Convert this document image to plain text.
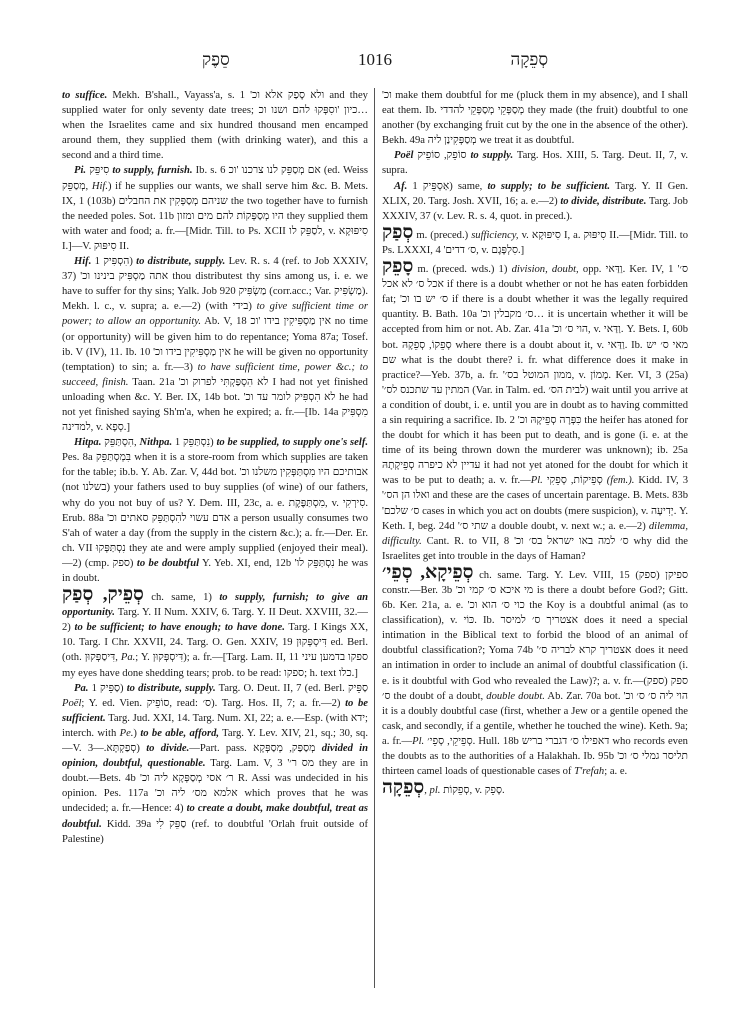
סֵפֶק	1016	סְפֵקָה

to suffice. Mekh. B'shall., Vayass'a, s. 1 'ולא סָפַק אלא וכ and they supplied water for only seventy date trees; כיון 'וסִפְּקוּ להם ושנו וכ… when the Israelites came and six hundred thousand men encamped around them, they supplied them (with drinking water), and this a second and a third time.

Pi. סִיפֵּק to supply, furnish. Ib. s. 6 אם מְסַפֵּק לנו צרכנו 'וכ (ed. Weiss מְסַפֵּק, Hif.) if he supplies our wants, we shall serve him &c. B. Mets. IX, 1 (103b) שניהם מְסַפְּקִין את החבלים the two together have to furnish the needed poles. Sot. 11b היו מְסַפְּקוֹת להם מים ומזון they supplied them with water and food; a. fr.—[Midr. Till. to Ps. XCII לסַפֵּק לו, v. סִיפּוּקָא I.]—V. סִיפּוּק II.

Hif. הִסְפִּיק 1) to distribute, supply. Lev. R. s. 4 (ref. to Job XXXIV, 37) 'אתה מַסְפִּיק בינינו וכ thou distributest thy sins among us, i. e. we have to suffer for thy sins; Yalk. Job 920 מַשְׂפִּיק (corr.acc.; Var. מַשְׂפִּיק). Mekh. l. c., v. supra; a. e.—2) (with בידי) to give sufficient time or power; to allow an opportunity. Ab. V, 18 אין מַסְפִּיקִין בידו 'וכ no time (or opportunity) will be given him to do repentance; Yoma 87a; Tosef. ib. V (IV), 11. Ib. 10 'אין מַסְפִּיקִין בידו וכ he will be given no opportunity (temptation) to sin; a. fr.—3) to have sufficient time, power &c.; to succeed, finish. Taan. 21a 'לא הִסְפַּקְתִּי לפרוק וכ I had not yet finished unloading when &c. Y. Ber. IX, 14b bot. 'לא הִסְפִּיק לומר עד וכ he had not yet finished saying Sh'm'a, when he expired; a. fr.—[Ib. 14a מִסְפִּיק למדינה, v. סְפָא.]

Hitpa. הִסְתַּפֵּק, Nithpa. נִסְתַּפֵּק 1) to be supplied, to supply one's self. Pes. 8a בִּמְסְתַּפֵּק when it is a store-room from which supplies are taken for the table; ib.b. Y. Ab. Zar. V, 44d bot. 'אבותיכם היו מִסְתַּפְּקִין משלנו וכ (not בשלנו) your fathers used to buy supplies (of wine) of our fathers, why do you not buy of us? Y. Dem. III, 23c, a. e. מִסְתַּפֶּקֶת, v. סִירְקִי. Erub. 88a 'אדם עשוי להִסְתַּפֵּק סאתים וכ a person usually consumes two S'ah of water a day (from the supply in the cistern &c.); a. fr.—Der. Er. ch. VII נִסְתַּפְּקוּ they ate and were amply supplied (enjoyed their meal).—2) (cmp. ספק) to be doubtful Y. Yeb. XI, end, 12b 'נִסְתַּפֵּק לו he was in doubt.

סְפֵיק, סְפַק ch. same, 1) to supply, furnish; to give an opportunity. Targ. Y. II Num. XXIV, 6. Targ. Y. II Deut. XXVIII, 32.—2) to be sufficient; to have enough; to have done. Targ. I Kings XX, 10. Targ. I Chr. XXVII, 24. Targ. O. Gen. XXIV, 19 דִּיסְפְּקוּן ed. Berl. (oth. דִּיסַפְּקוּן, Pa.; Y. דִּיסְפְּקוּן); a. fr.—[Targ. Lam. II, 11 ספקו בדמען עיני my eyes have done shedding tears; prob. to be read: ספקו; h. text כלו.]

Pa. סַפֵּיק 1) to distribute, supply. Targ. O. Deut. II, 7 (ed. Berl. סַפֵּיק Poël; Y. ed. Vien. סוֹפֵיק, read: ס׳). Targ. Hos. II, 7; a. fr.—2) to be sufficient. Targ. Jud. XXI, 14. Targ. Num. XI, 22; a. e.—Esp. (with ידא; interch. with Pe.) to be able, afford, Targ. Y. Lev. XIV, 21, sq.; 30, sq.—V. סְפַקְתָּא.—3) to divide.—Part. pass. מְסַפַּק, מְסַפְּקָא divided in opinion, doubtful, questionable. Targ. Lam. V, 3 'מס ר׳ they are in doubt.—Bets. 4b 'ר׳ אסי מְסַפְּקָא ליה וכ R. Assi was undecided in his opinion. Pes. 117a 'אלמא מס׳ ליה וכ which proves that he was undecided; a. fr.—Hence: 4) to create a doubt, make doubtful, treat as doubtful. Kidd. 39a סַפֵּק לִי (ref. to doubtful 'Orlah fruit outside of Palestine)

'וכ make them doubtful for me (pluck them in my absence), and I shall eat them. Ib. מְסַפְּקֵי מְסַפְּקֵי להדדי they made (the fruit) doubtful to one another (by exchanging fruit cut by the one in the absence of the other). Bekh. 49a מְסַפְּקִינַן ליה we treat it as doubtful.

Poël סוֹפֵק, סוֹפֵיק to supply. Targ. Hos. XIII, 5. Targ. Deut. II, 7, v. supra.

Af. אַסְפֵּיק 1) same, to supply; to be sufficient. Targ. Y. II Gen. XLIX, 20. Targ. Josh. XVII, 16; a. e.—2) to divide, distribute. Targ. Job XXXIV, 37 (v. Lev. R. s. 4, quot. in preced.).

סְפַק m. (preced.) sufficiency, v. סִיפּוּקָא I, a. סִיפּוּק II.—[Midr. Till. to Ps. LXXXI, 4 'ס׳ דדים, v. סִלְפָּגָם.]

סָפֵק m. (preced. wds.) 1) division, doubt, opp. וַדַּאי. Ker. IV, 1 'ס׳ אכל ס׳ לא אכל if there is a doubt whether or not he has eaten forbidden fat; 'ס׳ יש בו וכ if there is a doubt whether it was the legally required quantity. B. Bath. 10a 'ס׳ מקבלין וכ… it is uncertain whether it will be accepted from him or not. Ab. Zar. 41a 'הוי ס׳ וכ, v. וַדַּאי. Y. Bets. I, 60b bot. סְפֵקוֹ, סְפֵקָהּ where there is a doubt about it, v. וַדַּאי. Ib. מאי ס׳ יש שם what is the doubt there? i. fr. what difference does it make in practice?—Yeb. 37b, a. fr. 'ממון המוטל בס׳, v. מָמוֹן. Ker. VI, 3 (25a) 'המתין עד שתכנס לס׳ (Var. in Talm. ed. לבית הס׳) wait until you arrive at a condition of doubt, i. e. until you are in doubt as to having committed a sin requiring a sacrifice. Ib. 2 'כִּפְּרָה סְפֵיקָהּ וכ the heifer has atoned for the doubt for which it has been put to death, and is gone (i. e. at the time of its being thrown down the murderer was unknown); ib. 25a עדיין לא כיפרה סְפֵיקָתָהּ it had not yet atoned for the doubt for which it was to be put to death; a. v. fr.—Pl. סְפֵיקוֹת, סְפֵקִי (fem.). Kidd. IV, 3 'ואלו הן הס׳ and these are the cases of uncertain parentage. B. Mets. 83b 'ס׳ שלכם cases in which you act on doubts (mere suspicion), v. יְדִיעָה. Y. Keth. I, beg. 24d 'שתי ס׳ a double doubt, v. next w.; a. e.—2) dilemma, difficulty. Cant. R. to VII, 8 'ס׳ למה באו ישראל בס׳ וכ why did the Israelites get into trouble in the days of Haman?

סְפֵיקָא, סְפֵי׳ ch. same. Targ. Y. Lev. VIII, 15 ספיקן (ספק) constr.—Ber. 3b 'מי איכא ס׳ קמי וכ is there a doubt before God?; Gitt. 6b. Ker. 21a, a. e. 'כוי ס׳ הוא וכ the Koy is a doubtful animal (as to classification), v. כּוֹי. Ib. אצטריך ס׳ למיסר does it need a special intimation in the Biblical text to forbid the blood of an animal of doubtful classification?; Yoma 74b 'אצטריך קרא לבריה ס׳ does it need an intimation in order to include an animal of doubtful classification (i. e. is it doubtful with God who revealed the Law)?; a. v. fr.—(ספק) ספק ס׳ the doubt of a doubt, double doubt. Ab. Zar. 70a bot. 'הוי ליה ס׳ ס׳ וכ it is a doubly doubtful case (first, whether a Jew or a gentile opened the cask, and secondly, if a gentile, whether he touched the wine). Keth. 9a; a. fr.—Pl. סְפֵיקֵי, סְפֵי׳. Hull. 18b דאפילו ס׳ דגברי בריש who records even the doubts as to the authorities of a Halakhah. Ib. 95b 'תליסר גמלי ס׳ וכ thirteen camel loads of questionable cases of T'refah; a. e.

סְפֵקָה, pl. סְפֵקוֹת, v. סָפֵק.
